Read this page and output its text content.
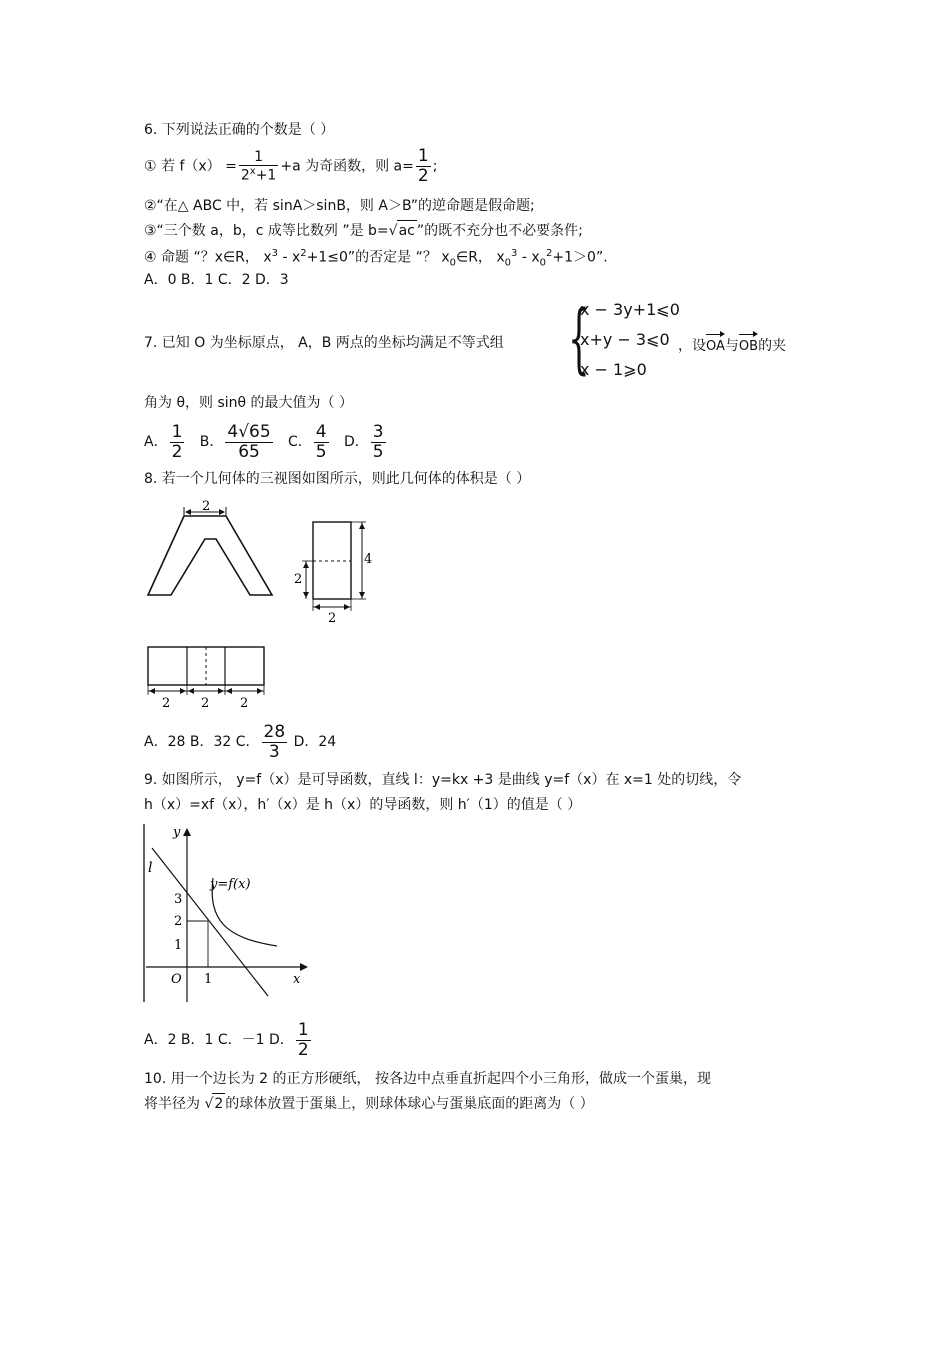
6. 下列说法正确的个数是（ ）
① 若 $f(x) = \frac{1}{2^x+1} +a$ 为奇函数，则 $a= \frac{1}{2}$ ;
②“在△ ABC 中，若 sinA＞sinB，则 A＞B”的逆命题是假命题;
③“三个数 a，b，c 成等比数列 ”是 b=√ac ”的既不充分也不必要条件;
④ 命题 “？x∈R， $x^3 - x^2+1\le 0$”的否定是 “？ $x_0\in R$， $x_0^3 - x_0^2+1>0$”.
A．0 B．1 C．2 D．3
7. 已知 O 为坐标原点， A，B 两点的坐标均满足不等式组 {
x − 3y+1⩽0
x+y − 3⩽0
x − 1⩾0
，设OA与OB的夹
角为 θ，则 sinθ 的最大值为（ ）
A． $\frac{1}{2}$ B． $\frac{4√65}{65}$ C． $\frac{4}{5}$ D． $\frac{3}{5}$
8. 若一个几何体的三视图如图所示，则此几何体的体积是（ ）
2
4
2
2
2 2 2
A．28 B．32 C． $\frac{28}{3}$ D．24
9. 如图所示， y=f（x）是可导函数，直线 l：y=kx +3 是曲线 y=f（x）在 x=1 处的切线，令
h（x）=xf（x），h′（x）是 h（x）的导函数，则 h′（1）的值是（ ）
y
x
l
y=f(x)
3
2
1
1
O
A．2 B．1 C．－1 D． $\frac{1}{2}$
10. 用一个边长为 2 的正方形硬纸， 按各边中点垂直折起四个小三角形，做成一个蛋巢，现
将半径为 √2 的球体放置于蛋巢上，则球体球心与蛋巢底面的距离为（ ）
